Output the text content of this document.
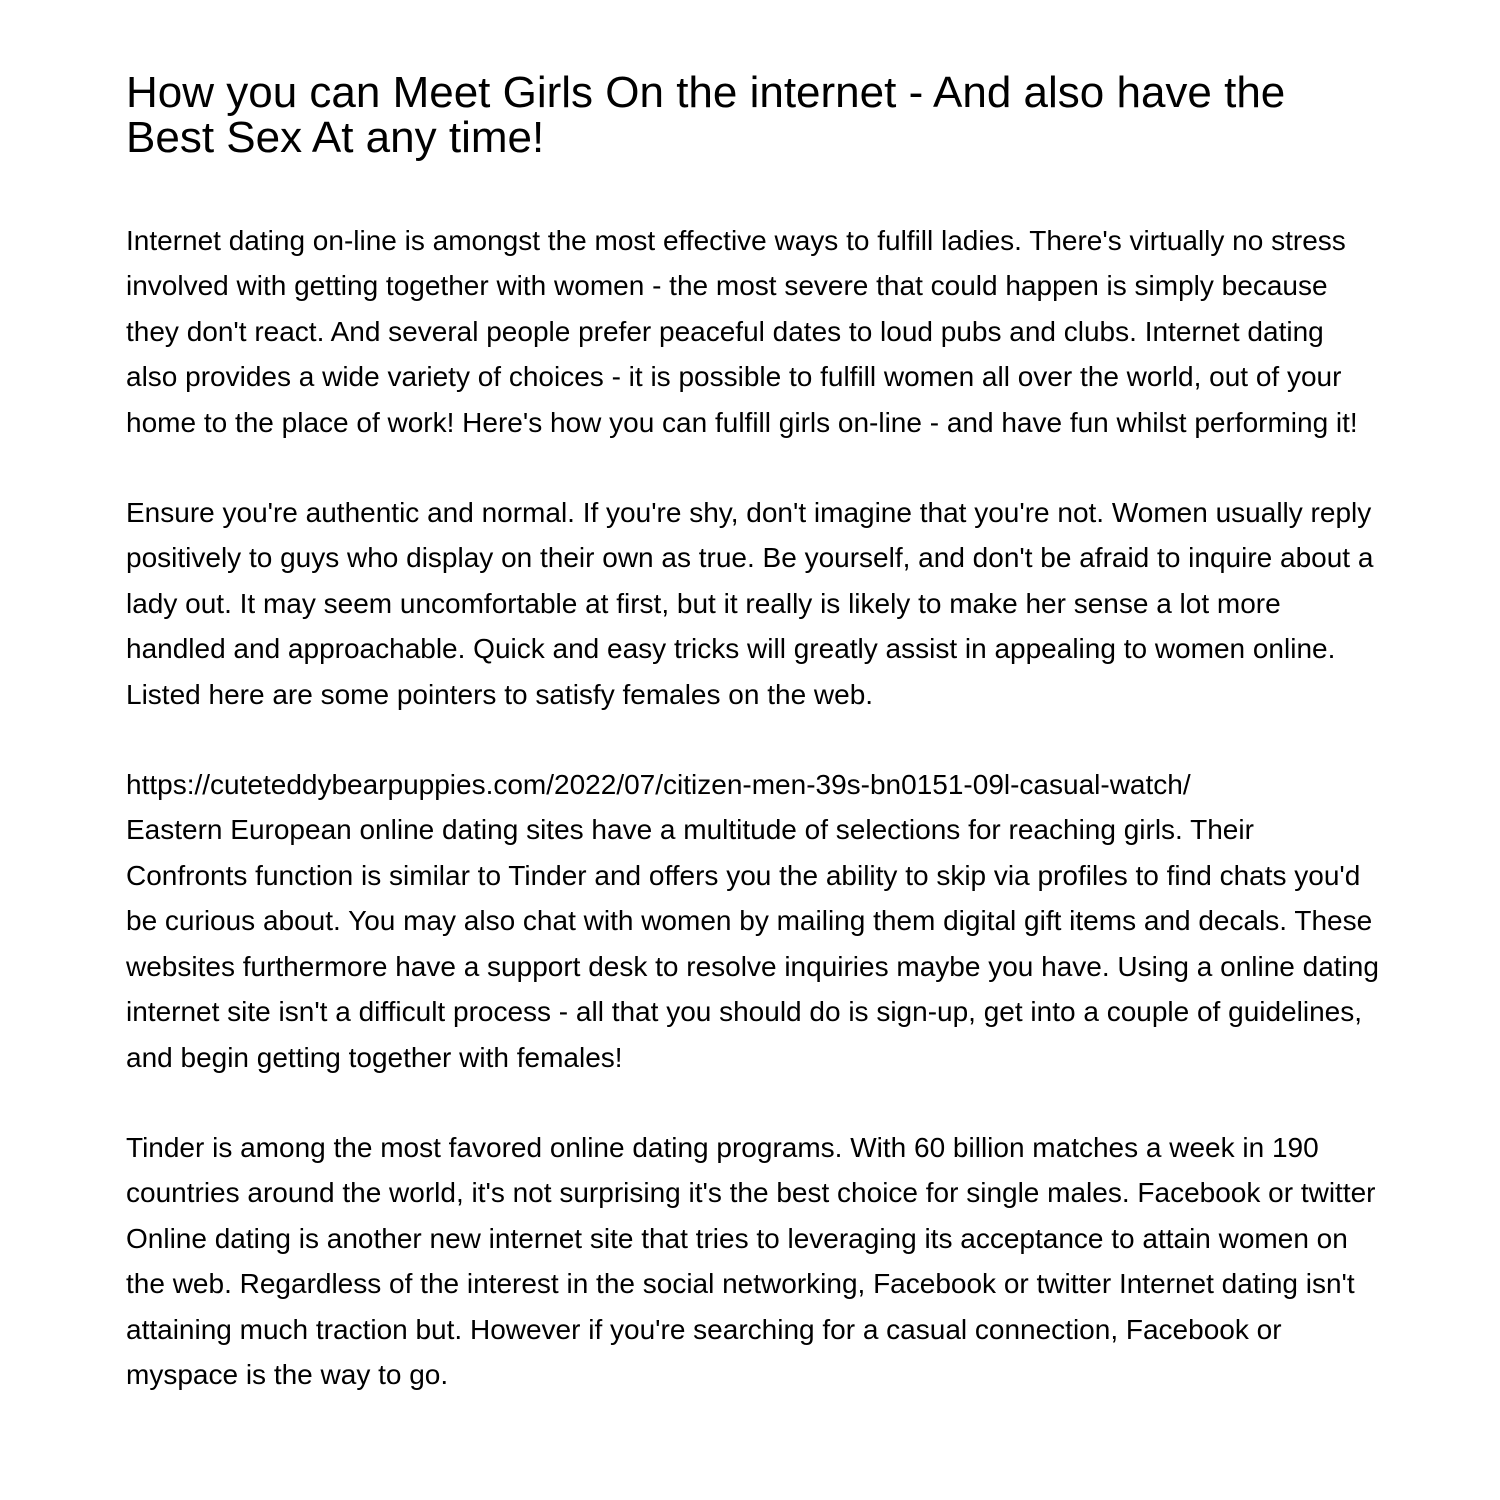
How you can Meet Girls On the internet - And also have the Best Sex At any time!

Internet dating on-line is amongst the most effective ways to fulfill ladies. There's virtually no stress involved with getting together with women - the most severe that could happen is simply because they don't react. And several people prefer peaceful dates to loud pubs and clubs. Internet dating also provides a wide variety of choices - it is possible to fulfill women all over the world, out of your home to the place of work! Here's how you can fulfill girls on-line - and have fun whilst performing it!

Ensure you're authentic and normal. If you're shy, don't imagine that you're not. Women usually reply positively to guys who display on their own as true. Be yourself, and don't be afraid to inquire about a lady out. It may seem uncomfortable at first, but it really is likely to make her sense a lot more handled and approachable. Quick and easy tricks will greatly assist in appealing to women online. Listed here are some pointers to satisfy females on the web.

https://cuteteddybearpuppies.com/2022/07/citizen-men-39s-bn0151-09l-casual-watch/
Eastern European online dating sites have a multitude of selections for reaching girls. Their Confronts function is similar to Tinder and offers you the ability to skip via profiles to find chats you'd be curious about. You may also chat with women by mailing them digital gift items and decals. These websites furthermore have a support desk to resolve inquiries maybe you have. Using a online dating internet site isn't a difficult process - all that you should do is sign-up, get into a couple of guidelines, and begin getting together with females!

Tinder is among the most favored online dating programs. With 60 billion matches a week in 190 countries around the world, it's not surprising it's the best choice for single males. Facebook or twitter Online dating is another new internet site that tries to leveraging its acceptance to attain women on the web. Regardless of the interest in the social networking, Facebook or twitter Internet dating isn't attaining much traction but. However if you're searching for a casual connection, Facebook or myspace is the way to go.
